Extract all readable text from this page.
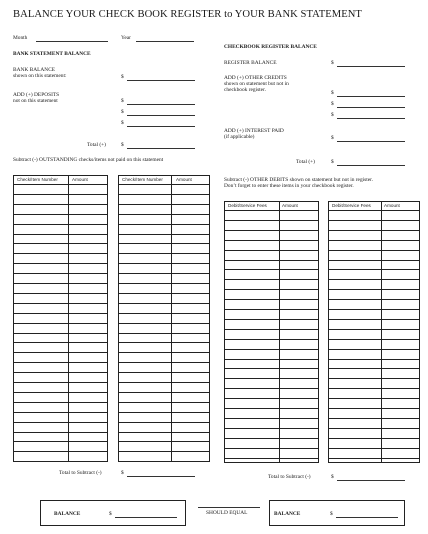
BALANCE YOUR CHECK BOOK REGISTER to YOUR BANK STATEMENT
Month	Year
BANK STATEMENT BALANCE
BANK BALANCE
shown on this statement:	$
ADD (+) DEPOSITS
not on this statement	$
$
$
Total (+)	$
CHECKBOOK REGISTER BALANCE
REGISTER BALANCE	$
ADD (+) OTHER CREDITS
shown on statement but not in
checkbook register.	$
$
$
ADD (+) INTEREST PAID
(if applicable)	$
Total (+)	$
Subtract (-) OUTSTANDING checks/items not paid on this statement
Subtract (-) OTHER DEBITS shown on statement but not in register.
Don’t forget to enter these items in your checkbook register.
Check/Item Number	Amount	Check/Item Number	Amount
Debit/Service Fees	Amount	Debit/Service Fees	Amount
Total to Subtract (-)	$
Total to Subtract (-)	$
BALANCE	$	SHOULD EQUAL	BALANCE	$
